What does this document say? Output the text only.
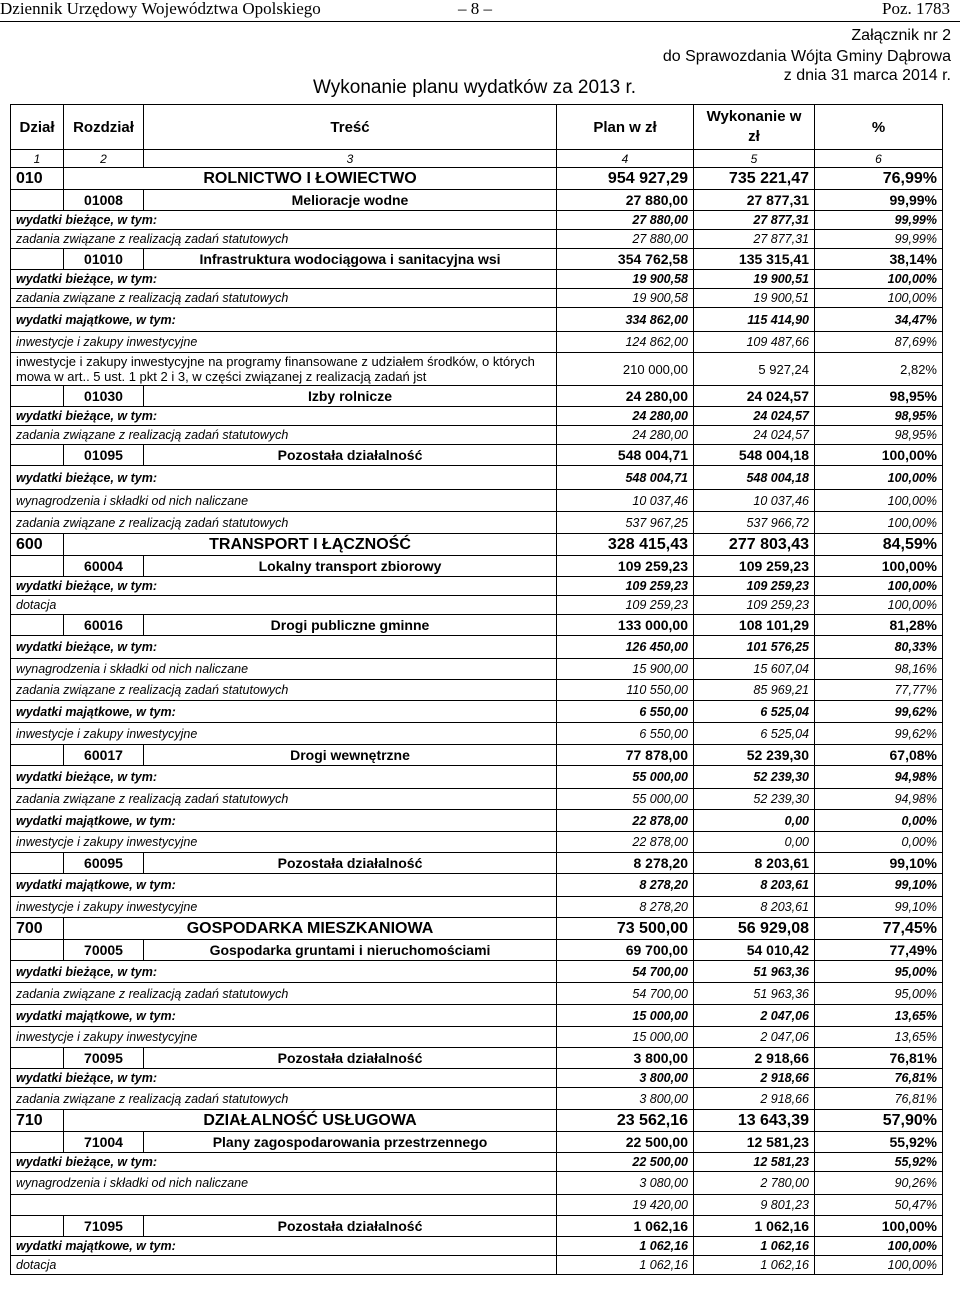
Dziennik Urzędowy Województwa Opolskiego	– 8 –	Poz. 1783
Załącznik nr 2
do Sprawozdania Wójta Gminy Dąbrowa
z dnia 31 marca 2014 r.
Wykonanie planu wydatków za 2013 r.
Dział	Rozdział	Treść	Plan w zł	Wykonanie w zł	%
1	2	3	4	5	6
010	ROLNICTWO I ŁOWIECTWO		954 927,29	735 221,47	76,99%
	01008	Melioracje wodne	27 880,00	27 877,31	99,99%
wydatki bieżące, w tym:			27 880,00	27 877,31	99,99%
zadania związane z realizacją zadań statutowych			27 880,00	27 877,31	99,99%
	01010	Infrastruktura wodociągowa i sanitacyjna wsi	354 762,58	135 315,41	38,14%
wydatki bieżące, w tym:			19 900,58	19 900,51	100,00%
zadania związane z realizacją zadań statutowych			19 900,58	19 900,51	100,00%
wydatki majątkowe, w tym:			334 862,00	115 414,90	34,47%
inwestycje i zakupy inwestycyjne			124 862,00	109 487,66	87,69%
inwestycje i zakupy inwestycyjne na programy finansowane z udziałem środków, o których mowa w art.. 5 ust. 1 pkt 2 i 3, w części związanej z realizacją zadań jst			210 000,00	5 927,24	2,82%
	01030	Izby rolnicze	24 280,00	24 024,57	98,95%
wydatki bieżące, w tym:			24 280,00	24 024,57	98,95%
zadania związane z realizacją zadań statutowych			24 280,00	24 024,57	98,95%
	01095	Pozostała działalność	548 004,71	548 004,18	100,00%
wydatki bieżące, w tym:			548 004,71	548 004,18	100,00%
wynagrodzenia i składki od nich naliczane			10 037,46	10 037,46	100,00%
zadania związane z realizacją zadań statutowych			537 967,25	537 966,72	100,00%
600	TRANSPORT I ŁĄCZNOŚĆ		328 415,43	277 803,43	84,59%
	60004	Lokalny transport zbiorowy	109 259,23	109 259,23	100,00%
wydatki bieżące, w tym:			109 259,23	109 259,23	100,00%
dotacja			109 259,23	109 259,23	100,00%
	60016	Drogi publiczne gminne	133 000,00	108 101,29	81,28%
wydatki bieżące, w tym:			126 450,00	101 576,25	80,33%
wynagrodzenia i składki od nich naliczane			15 900,00	15 607,04	98,16%
zadania związane z realizacją zadań statutowych			110 550,00	85 969,21	77,77%
wydatki majątkowe, w tym:			6 550,00	6 525,04	99,62%
inwestycje i zakupy inwestycyjne			6 550,00	6 525,04	99,62%
	60017	Drogi wewnętrzne	77 878,00	52 239,30	67,08%
wydatki bieżące, w tym:			55 000,00	52 239,30	94,98%
zadania związane z realizacją zadań statutowych			55 000,00	52 239,30	94,98%
wydatki majątkowe, w tym:			22 878,00	0,00	0,00%
inwestycje i zakupy inwestycyjne			22 878,00	0,00	0,00%
	60095	Pozostała działalność	8 278,20	8 203,61	99,10%
wydatki majątkowe, w tym:			8 278,20	8 203,61	99,10%
inwestycje i zakupy inwestycyjne			8 278,20	8 203,61	99,10%
700	GOSPODARKA MIESZKANIOWA		73 500,00	56 929,08	77,45%
	70005	Gospodarka gruntami i nieruchomościami	69 700,00	54 010,42	77,49%
wydatki bieżące, w tym:			54 700,00	51 963,36	95,00%
zadania związane z realizacją zadań statutowych			54 700,00	51 963,36	95,00%
wydatki majątkowe, w tym:			15 000,00	2 047,06	13,65%
inwestycje i zakupy inwestycyjne			15 000,00	2 047,06	13,65%
	70095	Pozostała działalność	3 800,00	2 918,66	76,81%
wydatki bieżące, w tym:			3 800,00	2 918,66	76,81%
zadania związane z realizacją zadań statutowych			3 800,00	2 918,66	76,81%
710	DZIAŁALNOŚĆ USŁUGOWA		23 562,16	13 643,39	57,90%
	71004	Plany zagospodarowania przestrzennego	22 500,00	12 581,23	55,92%
wydatki bieżące, w tym:			22 500,00	12 581,23	55,92%
wynagrodzenia i składki od nich naliczane			3 080,00	2 780,00	90,26%
			19 420,00	9 801,23	50,47%
	71095	Pozostała działalność	1 062,16	1 062,16	100,00%
wydatki majątkowe, w tym:			1 062,16	1 062,16	100,00%
dotacja			1 062,16	1 062,16	100,00%
